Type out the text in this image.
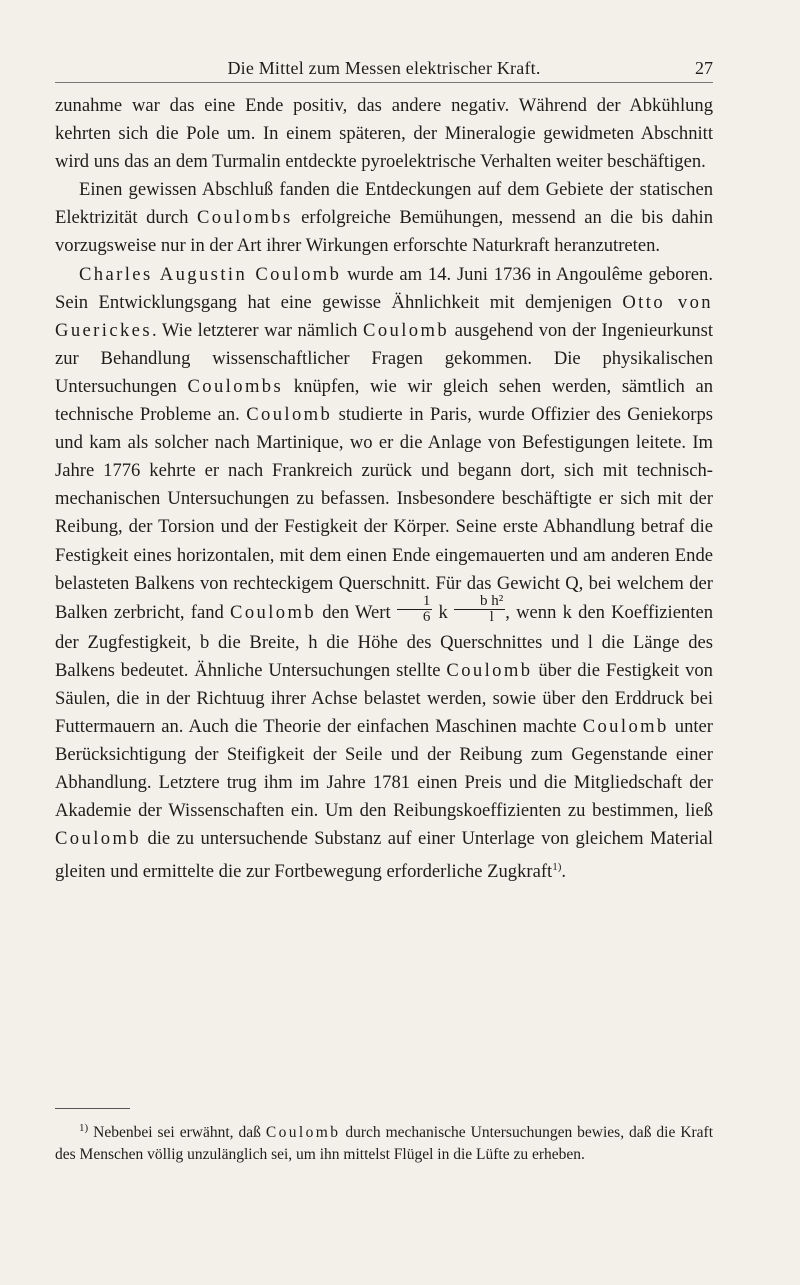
Die Mittel zum Messen elektrischer Kraft.	27

zunahme war das eine Ende positiv, das andere negativ. Während der Abkühlung kehrten sich die Pole um. In einem späteren, der Mineralogie gewidmeten Abschnitt wird uns das an dem Turmalin entdeckte pyroelektrische Verhalten weiter beschäftigen.

Einen gewissen Abschluß fanden die Entdeckungen auf dem Gebiete der statischen Elektrizität durch Coulombs erfolgreiche Bemühungen, messend an die bis dahin vorzugsweise nur in der Art ihrer Wirkungen erforschte Naturkraft heranzutreten.

Charles Augustin Coulomb wurde am 14. Juni 1736 in Angoulême geboren. Sein Entwicklungsgang hat eine gewisse Ähnlichkeit mit demjenigen Otto von Guerickes. Wie letzterer war nämlich Coulomb ausgehend von der Ingenieurkunst zur Behandlung wissenschaftlicher Fragen gekommen. Die physikalischen Untersuchungen Coulombs knüpfen, wie wir gleich sehen werden, sämtlich an technische Probleme an. Coulomb studierte in Paris, wurde Offizier des Geniekorps und kam als solcher nach Martinique, wo er die Anlage von Befestigungen leitete. Im Jahre 1776 kehrte er nach Frankreich zurück und begann dort, sich mit technisch-mechanischen Untersuchungen zu befassen. Insbesondere beschäftigte er sich mit der Reibung, der Torsion und der Festigkeit der Körper. Seine erste Abhandlung betraf die Festigkeit eines horizontalen, mit dem einen Ende eingemauerten und am anderen Ende belasteten Balkens von rechteckigem Querschnitt. Für das Gewicht Q, bei welchem der Balken zerbricht, fand Coulomb den Wert $\frac{1}{6}$ k $\frac{\text{b h²}}{l}$ , wenn k den Koeffizienten der Zugfestigkeit, b die Breite, h die Höhe des Querschnittes und l die Länge des Balkens bedeutet. Ähnliche Untersuchungen stellte Coulomb über die Festigkeit von Säulen, die in der Richtuug ihrer Achse belastet werden, sowie über den Erddruck bei Futtermauern an. Auch die Theorie der einfachen Maschinen machte Coulomb unter Berücksichtigung der Steifigkeit der Seile und der Reibung zum Gegenstande einer Abhandlung. Letztere trug ihm im Jahre 1781 einen Preis und die Mitgliedschaft der Akademie der Wissenschaften ein. Um den Reibungskoeffizienten zu bestimmen, ließ Coulomb die zu untersuchende Substanz auf einer Unterlage von gleichem Material gleiten und ermittelte die zur Fortbewegung erforderliche Zugkraft$^{1)}$.

$^{1)}$ Nebenbei sei erwähnt, daß Coulomb durch mechanische Untersuchungen bewies, daß die Kraft des Menschen völlig unzulänglich sei, um ihn mittelst Flügel in die Lüfte zu erheben.
